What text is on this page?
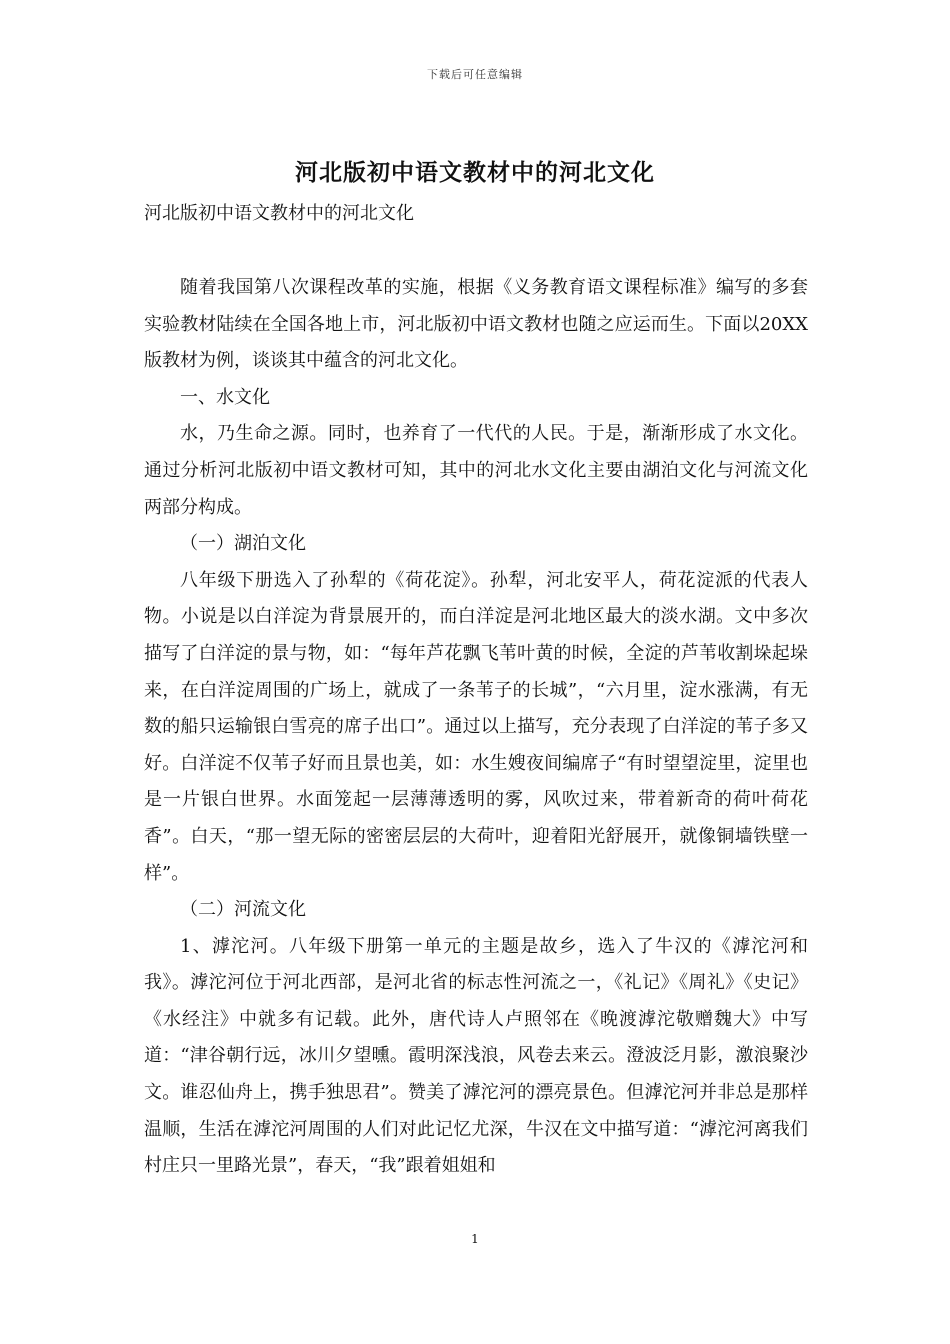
下载后可任意编辑
河北版初中语文教材中的河北文化
河北版初中语文教材中的河北文化

随着我国第八次课程改革的实施，根据《义务教育语文课程标准》编写的多套实验教材陆续在全国各地上市，河北版初中语文教材也随之应运而生。下面以20XX版教材为例，谈谈其中蕴含的河北文化。

一、水文化

水，乃生命之源。同时，也养育了一代代的人民。于是，渐渐形成了水文化。通过分析河北版初中语文教材可知，其中的河北水文化主要由湖泊文化与河流文化两部分构成。

（一）湖泊文化

八年级下册选入了孙犁的《荷花淀》。孙犁，河北安平人，荷花淀派的代表人物。小说是以白洋淀为背景展开的，而白洋淀是河北地区最大的淡水湖。文中多次描写了白洋淀的景与物，如：“每年芦花飘飞苇叶黄的时候，全淀的芦苇收割垛起垛来，在白洋淀周围的广场上，就成了一条苇子的长城”，“六月里，淀水涨满，有无数的船只运输银白雪亮的席子出口”。通过以上描写，充分表现了白洋淀的苇子多又好。白洋淀不仅苇子好而且景也美，如：水生嫂夜间编席子“有时望望淀里，淀里也是一片银白世界。水面笼起一层薄薄透明的雾，风吹过来，带着新奇的荷叶荷花香”。白天，“那一望无际的密密层层的大荷叶，迎着阳光舒展开，就像铜墙铁壁一样”。

（二）河流文化

1、滹沱河。八年级下册第一单元的主题是故乡，选入了牛汉的《滹沱河和我》。滹沱河位于河北西部，是河北省的标志性河流之一，《礼记》《周礼》《史记》《水经注》中就多有记载。此外，唐代诗人卢照邻在《晚渡滹沱敬赠魏大》中写道：“津谷朝行远，冰川夕望曛。霞明深浅浪，风卷去来云。澄波泛月影，激浪聚沙文。谁忍仙舟上，携手独思君”。赞美了滹沱河的漂亮景色。但滹沱河并非总是那样温顺，生活在滹沱河周围的人们对此记忆尤深，牛汉在文中描写道：“滹沱河离我们村庄只一里路光景”，春天，“我”跟着姐姐和

1
